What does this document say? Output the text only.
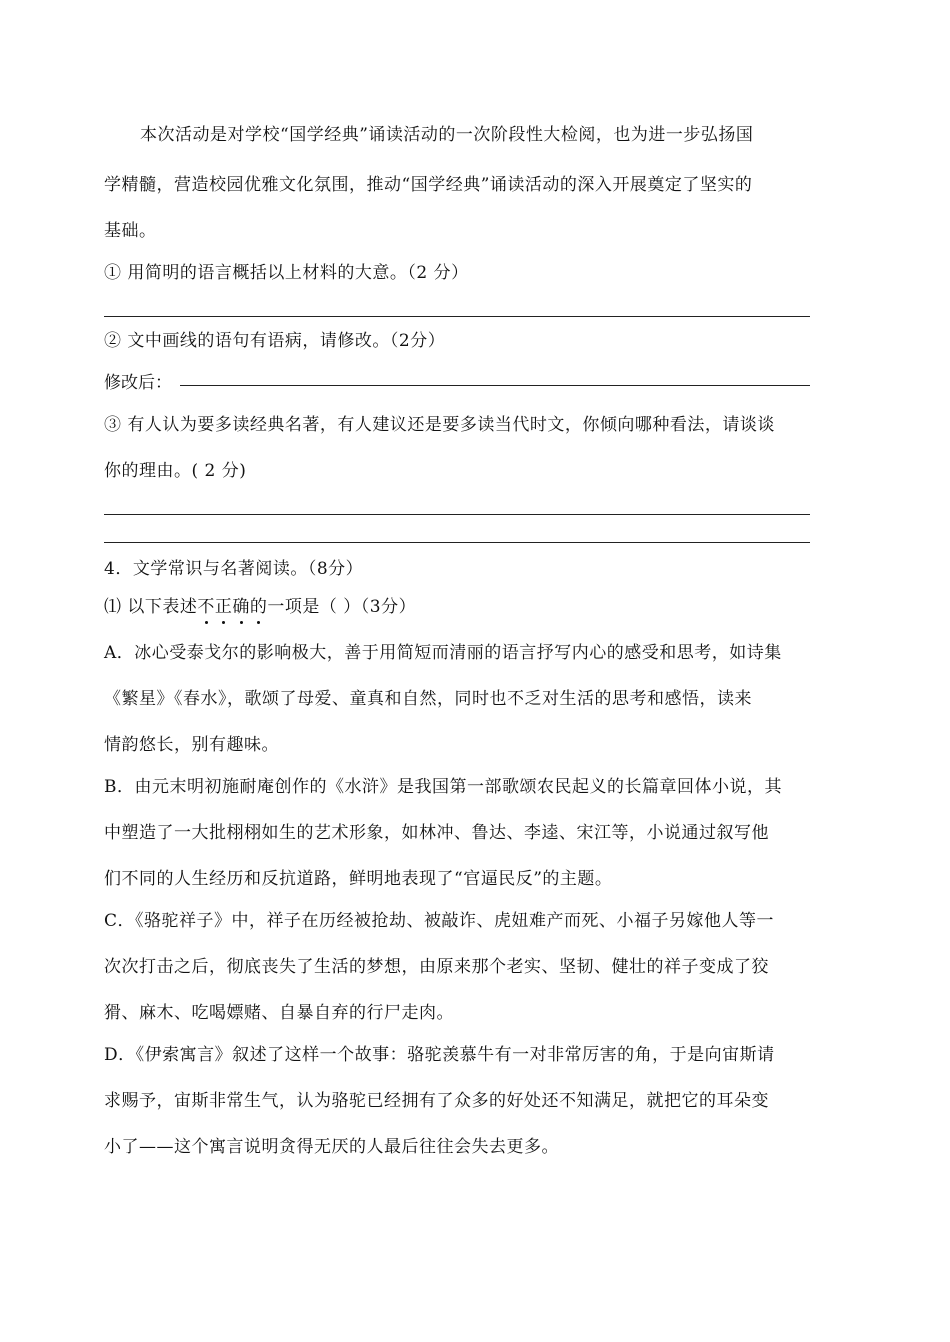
本次活动是对学校“国学经典”诵读活动的一次阶段性大检阅，也为进一步弘扬国
学精髓，营造校园优雅文化氛围，推动“国学经典”诵读活动的深入开展奠定了坚实的
基础。
① 用简明的语言概括以上材料的大意。（2 分）
② 文中画线的语句有语病，请修改。（2分）
修改后：
③ 有人认为要多读经典名著，有人建议还是要多读当代时文，你倾向哪种看法，请谈谈
你的理由。( 2 分)
4．文学常识与名著阅读。（8分）
⑴ 以下表述不正确的一项是（ ）（3分）
A．冰心受泰戈尔的影响极大，善于用简短而清丽的语言抒写内心的感受和思考，如诗集
《繁星》《春水》，歌颂了母爱、童真和自然，同时也不乏对生活的思考和感悟，读来
情韵悠长，别有趣味。
B．由元末明初施耐庵创作的《水浒》是我国第一部歌颂农民起义的长篇章回体小说，其
中塑造了一大批栩栩如生的艺术形象，如林冲、鲁达、李逵、宋江等，小说通过叙写他
们不同的人生经历和反抗道路，鲜明地表现了“官逼民反”的主题。
C．《骆驼祥子》中，祥子在历经被抢劫、被敲诈、虎妞难产而死、小福子另嫁他人等一
次次打击之后，彻底丧失了生活的梦想，由原来那个老实、坚韧、健壮的祥子变成了狡
猾、麻木、吃喝嫖赌、自暴自弃的行尸走肉。
D．《伊索寓言》叙述了这样一个故事：骆驼羡慕牛有一对非常厉害的角，于是向宙斯请
求赐予，宙斯非常生气，认为骆驼已经拥有了众多的好处还不知满足，就把它的耳朵变
小了——这个寓言说明贪得无厌的人最后往往会失去更多。
